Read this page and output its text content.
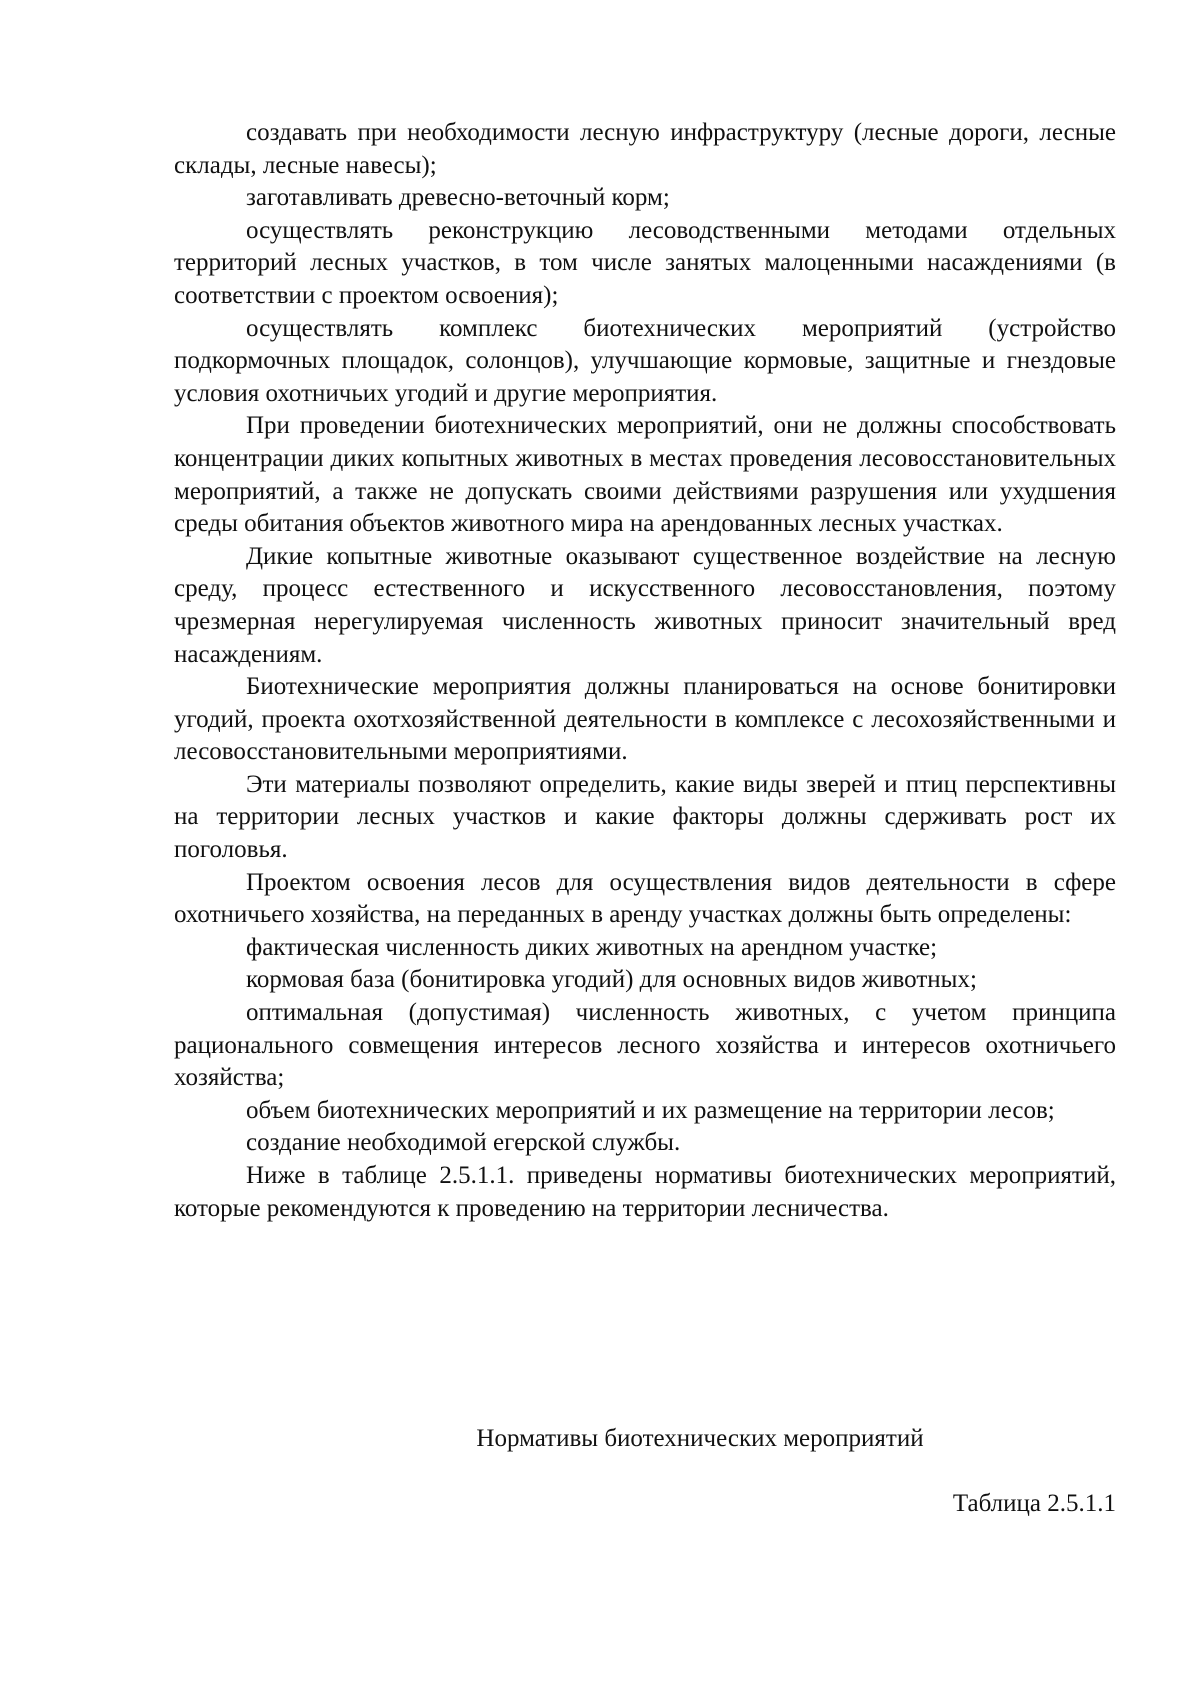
создавать при необходимости лесную инфраструктуру (лесные дороги, лесные склады, лесные навесы);

заготавливать древесно-веточный корм;

осуществлять реконструкцию лесоводственными методами отдельных территорий лесных участков, в том числе занятых малоценными насаждениями (в соответствии с проектом освоения);

осуществлять комплекс биотехнических мероприятий (устройство подкормочных площадок, солонцов), улучшающие кормовые, защитные и гнездовые условия охотничьих угодий и другие мероприятия.

При проведении биотехнических мероприятий, они не должны способствовать концентрации диких копытных животных в местах проведения лесовосстановительных мероприятий, а также не допускать своими действиями разрушения или ухудшения среды обитания объектов животного мира на арендованных лесных участках.

Дикие копытные животные оказывают существенное воздействие на лесную среду, процесс естественного и искусственного лесовосстановления, поэтому чрезмерная нерегулируемая численность животных приносит значительный вред насаждениям.

Биотехнические мероприятия должны планироваться на основе бонитировки угодий, проекта охотхозяйственной деятельности в комплексе с лесохозяйственными и лесовосстановительными мероприятиями.

Эти материалы позволяют определить, какие виды зверей и птиц перспективны на территории лесных участков и какие факторы должны сдерживать рост их поголовья.

Проектом освоения лесов для осуществления видов деятельности в сфере охотничьего хозяйства, на переданных в аренду участках должны быть определены:

фактическая численность диких животных на арендном участке;

кормовая база (бонитировка угодий) для основных видов животных;

оптимальная (допустимая) численность животных, с учетом принципа рационального совмещения интересов лесного хозяйства и интересов охотничьего хозяйства;

объем биотехнических мероприятий и их размещение на территории лесов;

создание необходимой егерской службы.

Ниже в таблице 2.5.1.1. приведены нормативы биотехнических мероприятий, которые рекомендуются к проведению на территории лесничества.

Нормативы биотехнических мероприятий
Таблица 2.5.1.1
